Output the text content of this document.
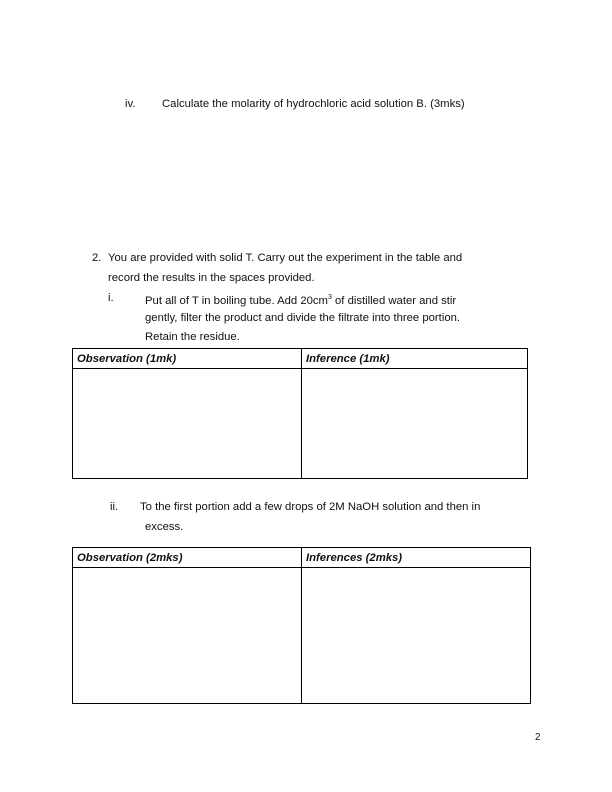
iv. Calculate the molarity of hydrochloric acid solution B. (3mks)
2. You are provided with solid T. Carry out the experiment in the table and
record the results in the spaces provided.
i.	Put all of T in boiling tube. Add $20cm^3$ of distilled water and stir
gently, filter the product and divide the filtrate into three portion.
Retain the residue.
Observation (1mk)	Inference (1mk)

ii. To the first portion add a few drops of 2M NaOH solution and then in
excess.
Observation (2mks)	Inferences (2mks)

2
